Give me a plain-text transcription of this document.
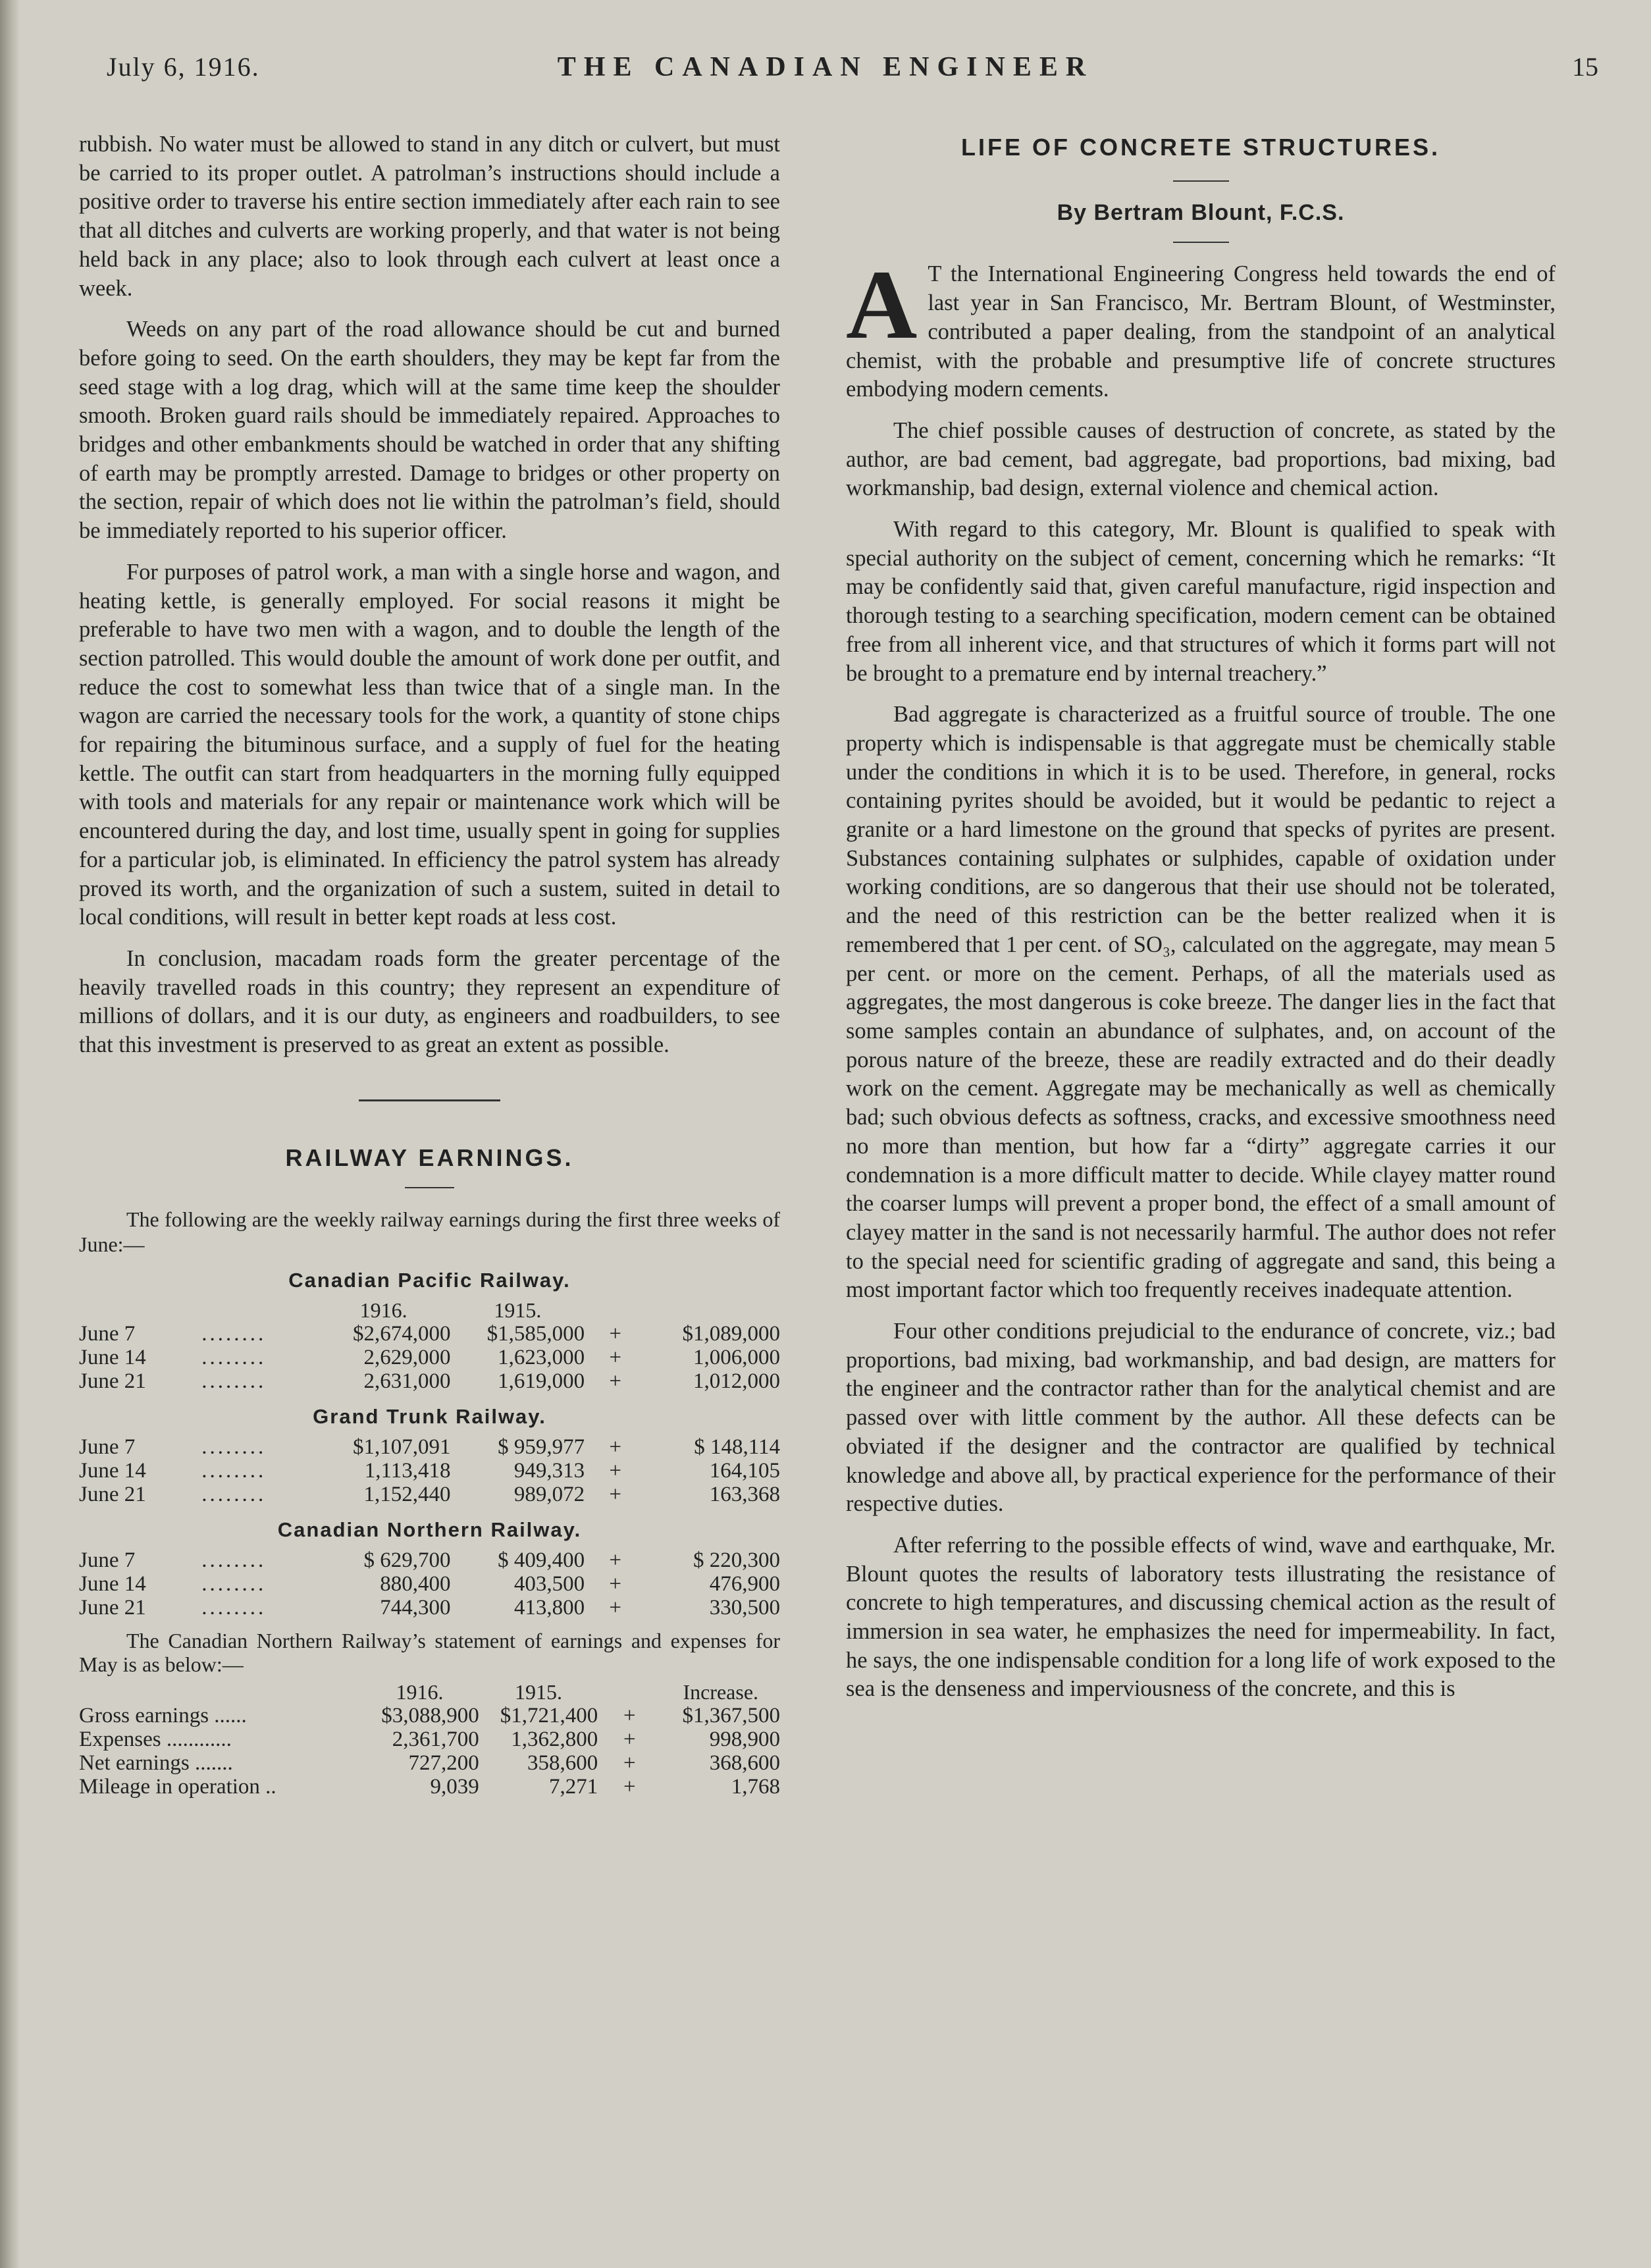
July 6, 1916.	THE CANADIAN ENGINEER	15

rubbish. No water must be allowed to stand in any ditch or culvert, but must be carried to its proper outlet. A patrolman’s instructions should include a positive order to traverse his entire section immediately after each rain to see that all ditches and culverts are working properly, and that water is not being held back in any place; also to look through each culvert at least once a week.

Weeds on any part of the road allowance should be cut and burned before going to seed. On the earth shoulders, they may be kept far from the seed stage with a log drag, which will at the same time keep the shoulder smooth. Broken guard rails should be immediately repaired. Approaches to bridges and other embankments should be watched in order that any shifting of earth may be promptly arrested. Damage to bridges or other property on the section, repair of which does not lie within the patrolman’s field, should be immediately reported to his superior officer.

For purposes of patrol work, a man with a single horse and wagon, and heating kettle, is generally employed. For social reasons it might be preferable to have two men with a wagon, and to double the length of the section patrolled. This would double the amount of work done per outfit, and reduce the cost to somewhat less than twice that of a single man. In the wagon are carried the necessary tools for the work, a quantity of stone chips for repairing the bituminous surface, and a supply of fuel for the heating kettle. The outfit can start from headquarters in the morning fully equipped with tools and materials for any repair or maintenance work which will be encountered during the day, and lost time, usually spent in going for supplies for a particular job, is eliminated. In efficiency the patrol system has already proved its worth, and the organization of such a sustem, suited in detail to local conditions, will result in better kept roads at less cost.

In conclusion, macadam roads form the greater percentage of the heavily travelled roads in this country; they represent an expenditure of millions of dollars, and it is our duty, as engineers and roadbuilders, to see that this investment is preserved to as great an extent as possible.

RAILWAY EARNINGS.

The following are the weekly railway earnings during the first three weeks of June:—

Canadian Pacific Railway.
		1916.	1915.		
June 7	........	$2,674,000	$1,585,000	+	$1,089,000
June 14	........	2,629,000	1,623,000	+	1,006,000
June 21	........	2,631,000	1,619,000	+	1,012,000
Grand Trunk Railway.
June 7	........	$1,107,091	$ 959,977	+	$ 148,114
June 14	........	1,113,418	949,313	+	164,105
June 21	........	1,152,440	989,072	+	163,368
Canadian Northern Railway.
June 7	........	$ 629,700	$ 409,400	+	$ 220,300
June 14	........	880,400	403,500	+	476,900
June 21	........	744,300	413,800	+	330,500

The Canadian Northern Railway’s statement of earnings and expenses for May is as below:—

	1916.	1915.		Increase.
Gross earnings ......	$3,088,900	$1,721,400	+	$1,367,500
Expenses ............	2,361,700	1,362,800	+	998,900
Net earnings .......	727,200	358,600	+	368,600
Mileage in operation ..	9,039	7,271	+	1,768
LIFE OF CONCRETE STRUCTURES.
By Bertram Blount, F.C.S.

A T the International Engineering Congress held towards the end of last year in San Francisco, Mr. Bertram Blount, of Westminster, contributed a paper dealing, from the standpoint of an analytical chemist, with the probable and presumptive life of concrete structures embodying modern cements.

The chief possible causes of destruction of concrete, as stated by the author, are bad cement, bad aggregate, bad proportions, bad mixing, bad workmanship, bad design, external violence and chemical action.

With regard to this category, Mr. Blount is qualified to speak with special authority on the subject of cement, concerning which he remarks: “It may be confidently said that, given careful manufacture, rigid inspection and thorough testing to a searching specification, modern cement can be obtained free from all inherent vice, and that structures of which it forms part will not be brought to a premature end by internal treachery.”

Bad aggregate is characterized as a fruitful source of trouble. The one property which is indispensable is that aggregate must be chemically stable under the conditions in which it is to be used. Therefore, in general, rocks containing pyrites should be avoided, but it would be pedantic to reject a granite or a hard limestone on the ground that specks of pyrites are present. Substances containing sulphates or sulphides, capable of oxidation under working conditions, are so dangerous that their use should not be tolerated, and the need of this restriction can be the better realized when it is remembered that 1 per cent. of SO₃, calculated on the aggregate, may mean 5 per cent. or more on the cement. Perhaps, of all the materials used as aggregates, the most dangerous is coke breeze. The danger lies in the fact that some samples contain an abundance of sulphates, and, on account of the porous nature of the breeze, these are readily extracted and do their deadly work on the cement. Aggregate may be mechanically as well as chemically bad; such obvious defects as softness, cracks, and excessive smoothness need no more than mention, but how far a “dirty” aggregate carries it our condemnation is a more difficult matter to decide. While clayey matter round the coarser lumps will prevent a proper bond, the effect of a small amount of clayey matter in the sand is not necessarily harmful. The author does not refer to the special need for scientific grading of aggregate and sand, this being a most important factor which too frequently receives inadequate attention.

Four other conditions prejudicial to the endurance of concrete, viz.; bad proportions, bad mixing, bad workmanship, and bad design, are matters for the engineer and the contractor rather than for the analytical chemist and are passed over with little comment by the author. All these defects can be obviated if the designer and the contractor are qualified by technical knowledge and above all, by practical experience for the performance of their respective duties.

After referring to the possible effects of wind, wave and earthquake, Mr. Blount quotes the results of laboratory tests illustrating the resistance of concrete to high temperatures, and discussing chemical action as the result of immersion in sea water, he emphasizes the need for impermeability. In fact, he says, the one indispensable condition for a long life of work exposed to the sea is the denseness and imperviousness of the concrete, and this is
